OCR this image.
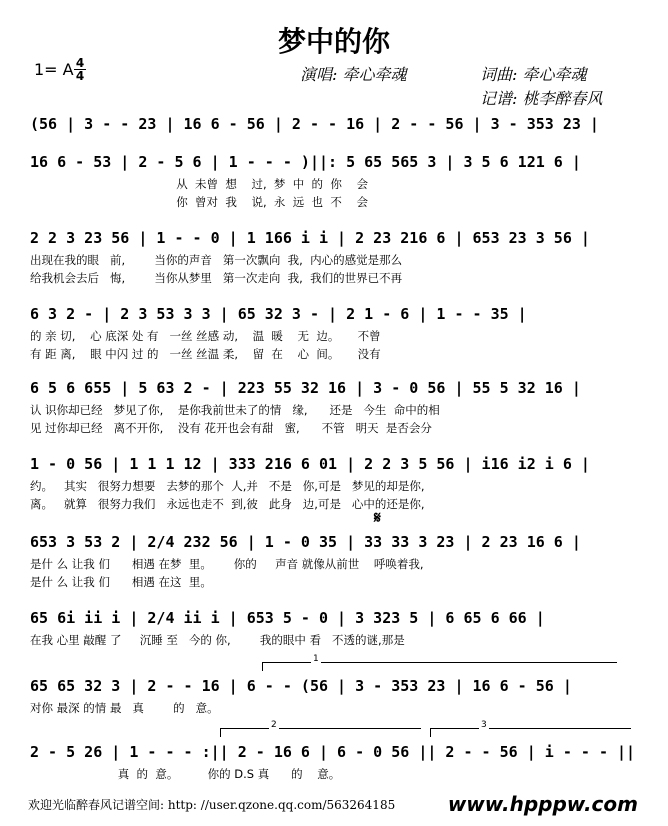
梦中的你
1= A 4
4	演唱: 牵心牵魂	词曲: 牵心牵魂
记谱: 桃李醉春风
(56 | 3 - - 23 | 16 6 - 56 | 2 - - 16 | 2 - - 56 | 3 - 353 23 |
16 6 - 53 | 2 - 5 6 | 1 - - - )||: 5 65 565 3 | 3 5 6 121 6 |
从  未曾  想    过,  梦  中  的  你    会
你  曾对  我    说,  永  远  也  不    会
2 2 3 23 56 | 1 - - 0 | 1 166 i i | 2 23 216 6 | 653 23 3 56 |
出现在我的眼   前,        当你的声音   第一次飘向  我,  内心的感觉是那么
给我机会去后   悔,        当你从梦里   第一次走向  我,  我们的世界已不再
6 3 2 - | 2 3 53 3 3 | 65 32 3 - | 2 1 - 6 | 1 - - 35 |
的 亲 切,    心 底深 处 有   一丝 丝感 动,    温  暖    无  边。     不曾
有 距 离,    眼 中闪 过 的   一丝 丝温 柔,    留  在    心  间。     没有
6 5 6 655 | 5 63 2 - | 223 55 32 16 | 3 - 0 56 | 55 5 32 16 |
认 识你却已经   梦见了你,    是你我前世未了的情   缘,      还是   今生  命中的相
见 过你却已经   离不开你,    没有 花开也会有甜   蜜,      不管   明天  是否会分
1 - 0 56 | 1 1 1 12 | 333 216 6 01 | 2 2 3 5 56 | i16 i2 i 6 |
约。   其实   很努力想要   去梦的那个  人,并   不是   你,可是   梦见的却是你,
离。   就算   很努力我们   永远也走不  到,彼   此身   边,可是   心中的还是你,
𝄋
653 3 53 2 | 2/4 232 56 | 1 - 0 35 | 33 33 3 23 | 2 23 16 6 |
是什 么 让我 们      相遇 在梦  里。      你的     声音 就像从前世    呼唤着我,
是什 么 让我 们      相遇 在这  里。
65 6i ii i | 2/4 ii i | 653 5 - 0 | 3 323 5 | 6 65 6 66 |
在我 心里 敲醒 了     沉睡 至   今的 你,        我的眼中 看   不透的谜,那是
1
65 65 32 3 | 2 - - 16 | 6 - - (56 | 3 - 353 23 | 16 6 - 56 |
对你 最深 的情 最   真        的   意。
2	3
2 - 5 26 | 1 - - - :|| 2 - 16 6 | 6 - 0 56 || 2 - - 56 | i - - - ||
真  的  意。        你的 D.S 真      的    意。
欢迎光临醉春风记谱空间: http: //user.qzone.qq.com/563264185	www.hpppw.com
